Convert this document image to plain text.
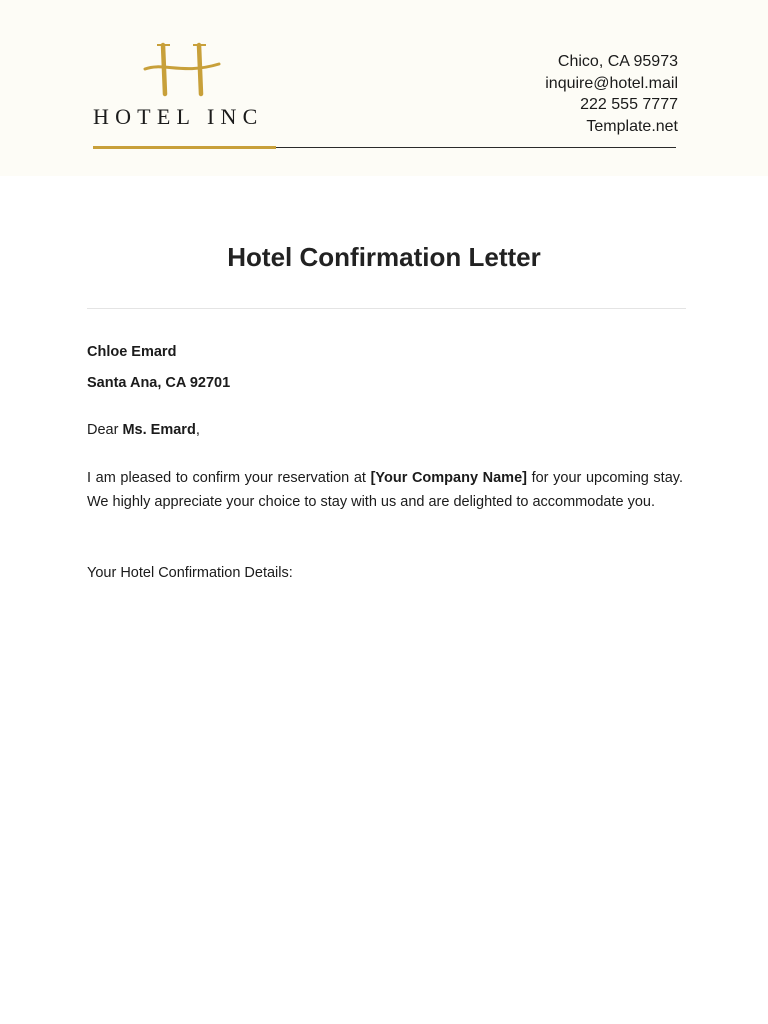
HOTEL INC
Chico, CA 95973
inquire@hotel.mail
222 555 7777
Template.net
Hotel Confirmation Letter
Chloe Emard
Santa Ana, CA 92701
Dear Ms. Emard,
I am pleased to confirm your reservation at [Your Company Name] for your upcoming stay. We highly appreciate your choice to stay with us and are delighted to accommodate you.
Your Hotel Confirmation Details:
